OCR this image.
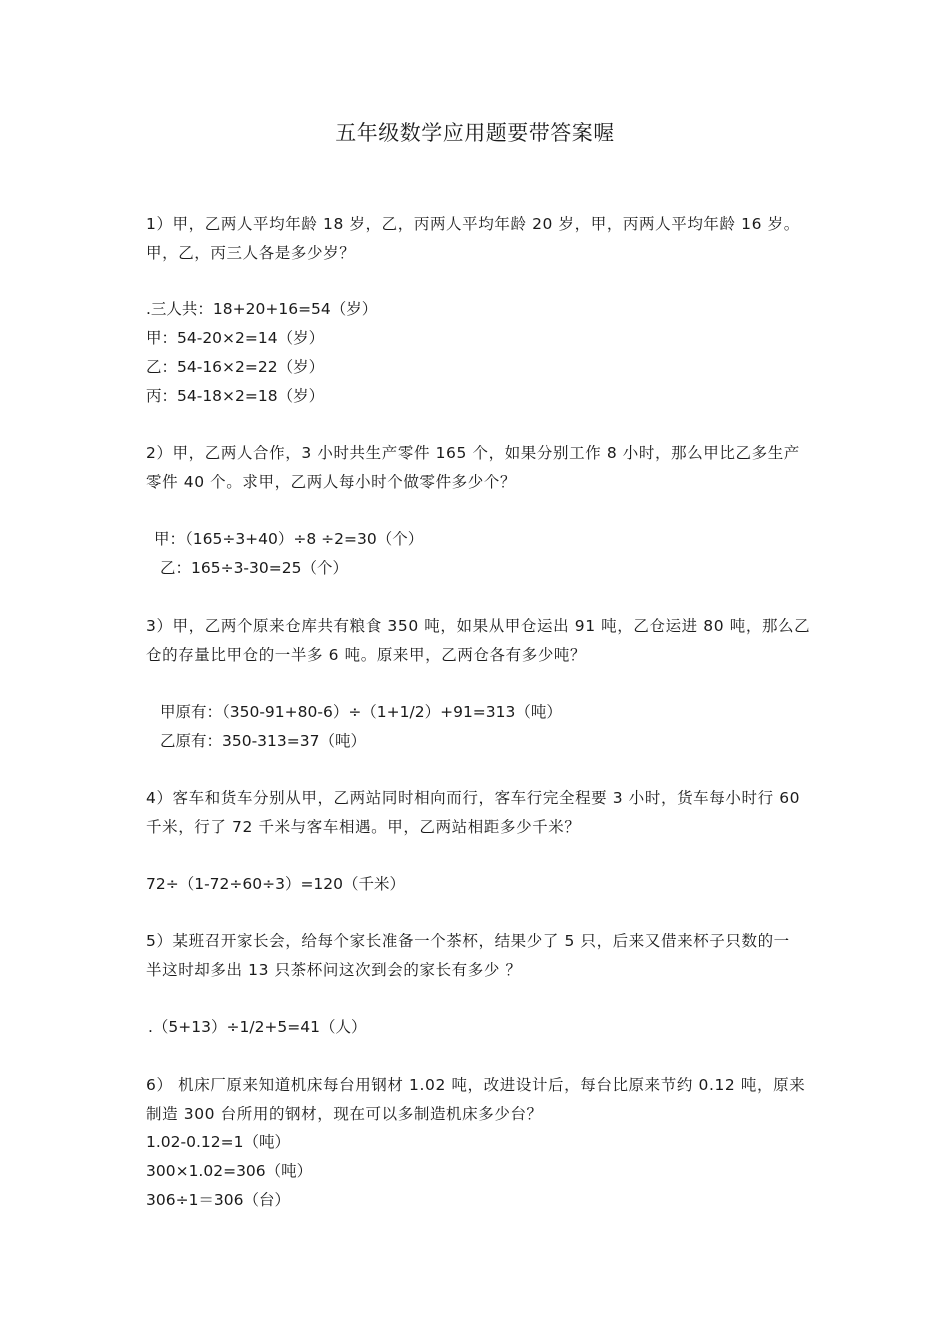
五年级数学应用题要带答案喔
1）甲，乙两人平均年龄 18 岁，乙，丙两人平均年龄 20 岁，甲，丙两人平均年龄 16 岁。
甲，乙，丙三人各是多少岁？
.三人共：18+20+16=54（岁）
甲：54-20×2=14（岁）
乙：54-16×2=22（岁）
丙：54-18×2=18（岁）
2）甲，乙两人合作，3 小时共生产零件 165 个，如果分别工作 8 小时，那么甲比乙多生产
零件 40 个。求甲，乙两人每小时个做零件多少个？
甲：（165÷3+40）÷8 ÷2=30（个）
乙：165÷3-30=25（个）
3）甲，乙两个原来仓库共有粮食 350 吨，如果从甲仓运出 91 吨，乙仓运进 80 吨，那么乙
仓的存量比甲仓的一半多 6 吨。原来甲，乙两仓各有多少吨？
甲原有：（350-91+80-6）÷（1+1/2）+91=313（吨）
乙原有：350-313=37（吨）
4）客车和货车分别从甲，乙两站同时相向而行，客车行完全程要 3 小时，货车每小时行 60
千米，行了 72 千米与客车相遇。甲，乙两站相距多少千米？
72÷（1-72÷60÷3）=120（千米）
5）某班召开家长会，给每个家长准备一个茶杯，结果少了 5 只，后来又借来杯子只数的一
半这时却多出 13 只茶杯问这次到会的家长有多少 ？
.（5+13）÷1/2+5=41（人）
6） 机床厂原来知道机床每台用钢材 1.02 吨，改进设计后，每台比原来节约 0.12 吨，原来
制造 300 台所用的钢材，现在可以多制造机床多少台？
1.02-0.12=1（吨）
300×1.02=306（吨）
306÷1＝306（台）
